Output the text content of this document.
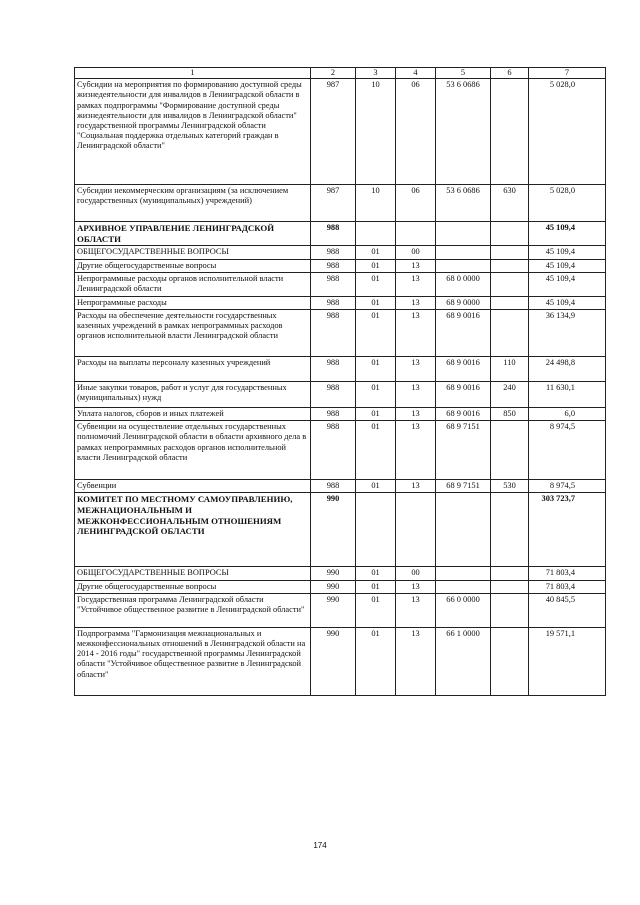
1	2	3	4	5	6	7
Субсидии на мероприятия по формированию доступной среды жизнедеятельности для инвалидов в Ленинградской области в рамках подпрограммы "Формирование доступной среды жизнедеятельности для инвалидов в Ленинградской области" государственной программы Ленинградской области "Социальная поддержка отдельных категорий граждан в Ленинградской области"	987	10	06	53 6 0686		5 028,0
Субсидии некоммерческим организациям (за исключением государственных (муниципальных) учреждений)	987	10	06	53 6 0686	630	5 028,0
АРХИВНОЕ УПРАВЛЕНИЕ ЛЕНИНГРАДСКОЙ ОБЛАСТИ	988					45 109,4
ОБЩЕГОСУДАРСТВЕННЫЕ ВОПРОСЫ	988	01	00			45 109,4
Другие общегосударственные вопросы	988	01	13			45 109,4
Непрограммные расходы органов исполнительной власти Ленинградской области	988	01	13	68 0 0000		45 109,4
Непрограммные расходы	988	01	13	68 9 0000		45 109,4
Расходы на обеспечение деятельности государственных казенных учреждений в рамках непрограммных расходов органов исполнительной власти Ленинградской области	988	01	13	68 9 0016		36 134,9
Расходы на выплаты персоналу казенных учреждений	988	01	13	68 9 0016	110	24 498,8
Иные закупки товаров, работ и услуг для государственных (муниципальных) нужд	988	01	13	68 9 0016	240	11 630,1
Уплата налогов, сборов и иных платежей	988	01	13	68 9 0016	850	6,0
Субвенции на осуществление отдельных государственных полномочий Ленинградской области в области архивного дела в рамках непрограммных расходов органов исполнительной власти Ленинградской области	988	01	13	68 9 7151		8 974,5
Субвенции	988	01	13	68 9 7151	530	8 974,5
КОМИТЕТ ПО МЕСТНОМУ САМОУПРАВЛЕНИЮ, МЕЖНАЦИОНАЛЬНЫМ И МЕЖКОНФЕССИОНАЛЬНЫМ ОТНОШЕНИЯМ ЛЕНИНГРАДСКОЙ ОБЛАСТИ	990					303 723,7
ОБЩЕГОСУДАРСТВЕННЫЕ ВОПРОСЫ	990	01	00			71 803,4
Другие общегосударственные вопросы	990	01	13			71 803,4
Государственная программа Ленинградской области "Устойчивое общественное развитие в Ленинградской области"	990	01	13	66 0 0000		40 845,5
Подпрограмма "Гармонизация межнациональных и межконфессиональных отношений в Ленинградской области на 2014 - 2016 годы" государственной программы Ленинградской области "Устойчивое общественное развитие в Ленинградской области"	990	01	13	66 1 0000		19 571,1
174
